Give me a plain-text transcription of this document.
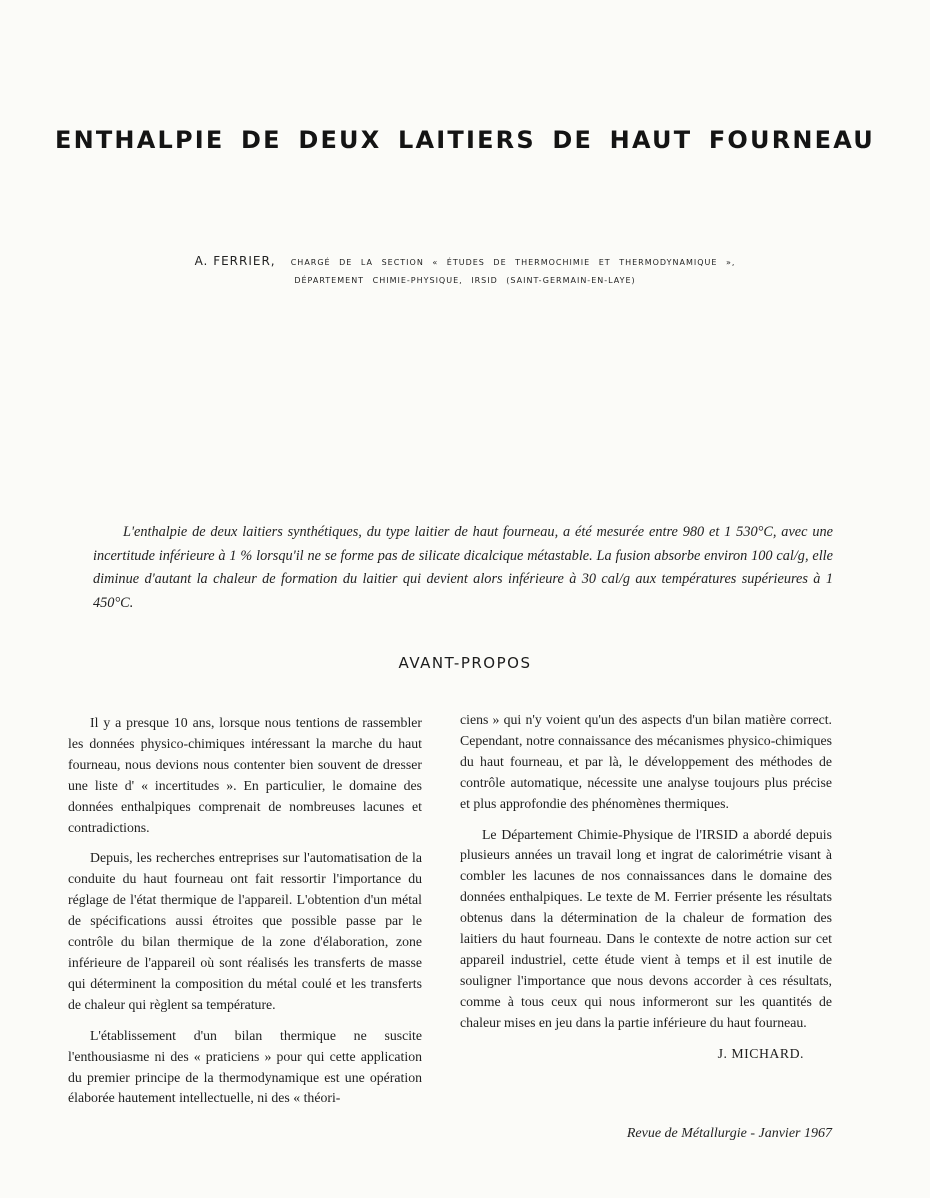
ENTHALPIE DE DEUX LAITIERS DE HAUT FOURNEAU
A. FERRIER, CHARGÉ DE LA SECTION « ÉTUDES DE THERMOCHIMIE ET THERMODYNAMIQUE »,
DÉPARTEMENT CHIMIE-PHYSIQUE, IRSID (SAINT-GERMAIN-EN-LAYE)

L'enthalpie de deux laitiers synthétiques, du type laitier de haut fourneau, a été mesurée entre 980 et 1 530°C, avec une incertitude inférieure à 1 % lorsqu'il ne se forme pas de silicate dicalcique métastable. La fusion absorbe environ 100 cal/g, elle diminue d'autant la chaleur de formation du laitier qui devient alors inférieure à 30 cal/g aux températures supérieures à 1 450°C.

AVANT-PROPOS

Il y a presque 10 ans, lorsque nous tentions de rassembler les données physico-chimiques intéressant la marche du haut fourneau, nous devions nous contenter bien souvent de dresser une liste d' « incertitudes ». En particulier, le domaine des données enthalpiques comprenait de nombreuses lacunes et contradictions.

Depuis, les recherches entreprises sur l'automatisation de la conduite du haut fourneau ont fait ressortir l'importance du réglage de l'état thermique de l'appareil. L'obtention d'un métal de spécifications aussi étroites que possible passe par le contrôle du bilan thermique de la zone d'élaboration, zone inférieure de l'appareil où sont réalisés les transferts de masse qui déterminent la composition du métal coulé et les transferts de chaleur qui règlent sa température.

L'établissement d'un bilan thermique ne suscite l'enthousiasme ni des « praticiens » pour qui cette application du premier principe de la thermodynamique est une opération élaborée hautement intellectuelle, ni des « théori-

ciens » qui n'y voient qu'un des aspects d'un bilan matière correct. Cependant, notre connaissance des mécanismes physico-chimiques du haut fourneau, et par là, le développement des méthodes de contrôle automatique, nécessite une analyse toujours plus précise et plus approfondie des phénomènes thermiques.

Le Département Chimie-Physique de l'IRSID a abordé depuis plusieurs années un travail long et ingrat de calorimétrie visant à combler les lacunes de nos connaissances dans le domaine des données enthalpiques. Le texte de M. Ferrier présente les résultats obtenus dans la détermination de la chaleur de formation des laitiers du haut fourneau. Dans le contexte de notre action sur cet appareil industriel, cette étude vient à temps et il est inutile de souligner l'importance que nous devons accorder à ces résultats, comme à tous ceux qui nous informeront sur les quantités de chaleur mises en jeu dans la partie inférieure du haut fourneau.

J. MICHARD.
Revue de Métallurgie - Janvier 1967
